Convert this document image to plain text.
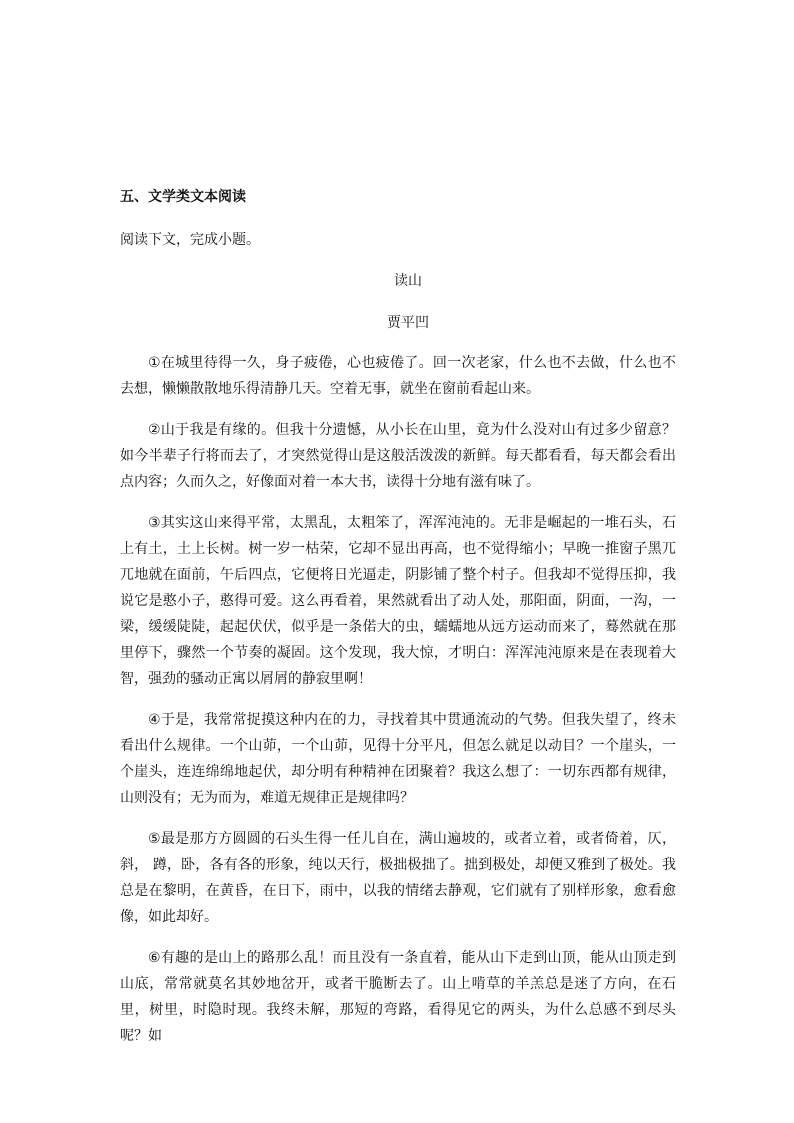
五、文学类文本阅读
阅读下文，完成小题。
读山
贾平凹

①在城里待得一久，身子疲倦，心也疲倦了。回一次老家，什么也不去做，什么也不去想，懒懒散散地乐得清静几天。空着无事，就坐在窗前看起山来。

②山于我是有缘的。但我十分遗憾，从小长在山里，竟为什么没对山有过多少留意？如今半辈子行将而去了，才突然觉得山是这般活泼泼的新鲜。每天都看看，每天都会看出点内容；久而久之，好像面对着一本大书，读得十分地有滋有味了。

③其实这山来得平常，太黑乱，太粗笨了，浑浑沌沌的。无非是崛起的一堆石头，石上有土，土上长树。树一岁一枯荣，它却不显出再高，也不觉得缩小；早晚一推窗子黑兀兀地就在面前，午后四点，它便将日光逼走，阴影铺了整个村子。但我却不觉得压抑，我说它是憨小子，憨得可爱。这么再看着，果然就看出了动人处，那阳面，阴面，一沟，一梁，缓缓陡陡，起起伏伏，似乎是一条偌大的虫，蠕蠕地从远方运动而来了，蓦然就在那里停下，骤然一个节奏的凝固。这个发现，我大惊，才明白：浑浑沌沌原来是在表现着大智，强劲的骚动正寓以屑屑的静寂里啊！

④于是，我常常捉摸这种内在的力，寻找着其中贯通流动的气势。但我失望了，终未看出什么规律。一个山茆，一个山茆，见得十分平凡，但怎么就足以动目？一个崖头，一个崖头，连连绵绵地起伏，却分明有种精神在团聚着？我这么想了：一切东西都有规律，山则没有；无为而为，难道无规律正是规律吗？

⑤最是那方方圆圆的石头生得一任儿自在，满山遍坡的，或者立着，或者倚着，仄，斜， 蹲，卧，各有各的形象，纯以天行，极拙极拙了。拙到极处，却便又雅到了极处。我总是在黎明，在黄昏，在日下，雨中，以我的情绪去静观，它们就有了别样形象，愈看愈像，如此却好。

⑥有趣的是山上的路那么乱！而且没有一条直着，能从山下走到山顶，能从山顶走到山底，常常就莫名其妙地岔开，或者干脆断去了。山上啃草的羊羔总是迷了方向，在石里，树里，时隐时现。我终未解，那短的弯路，看得见它的两头，为什么总感不到尽头呢？如
